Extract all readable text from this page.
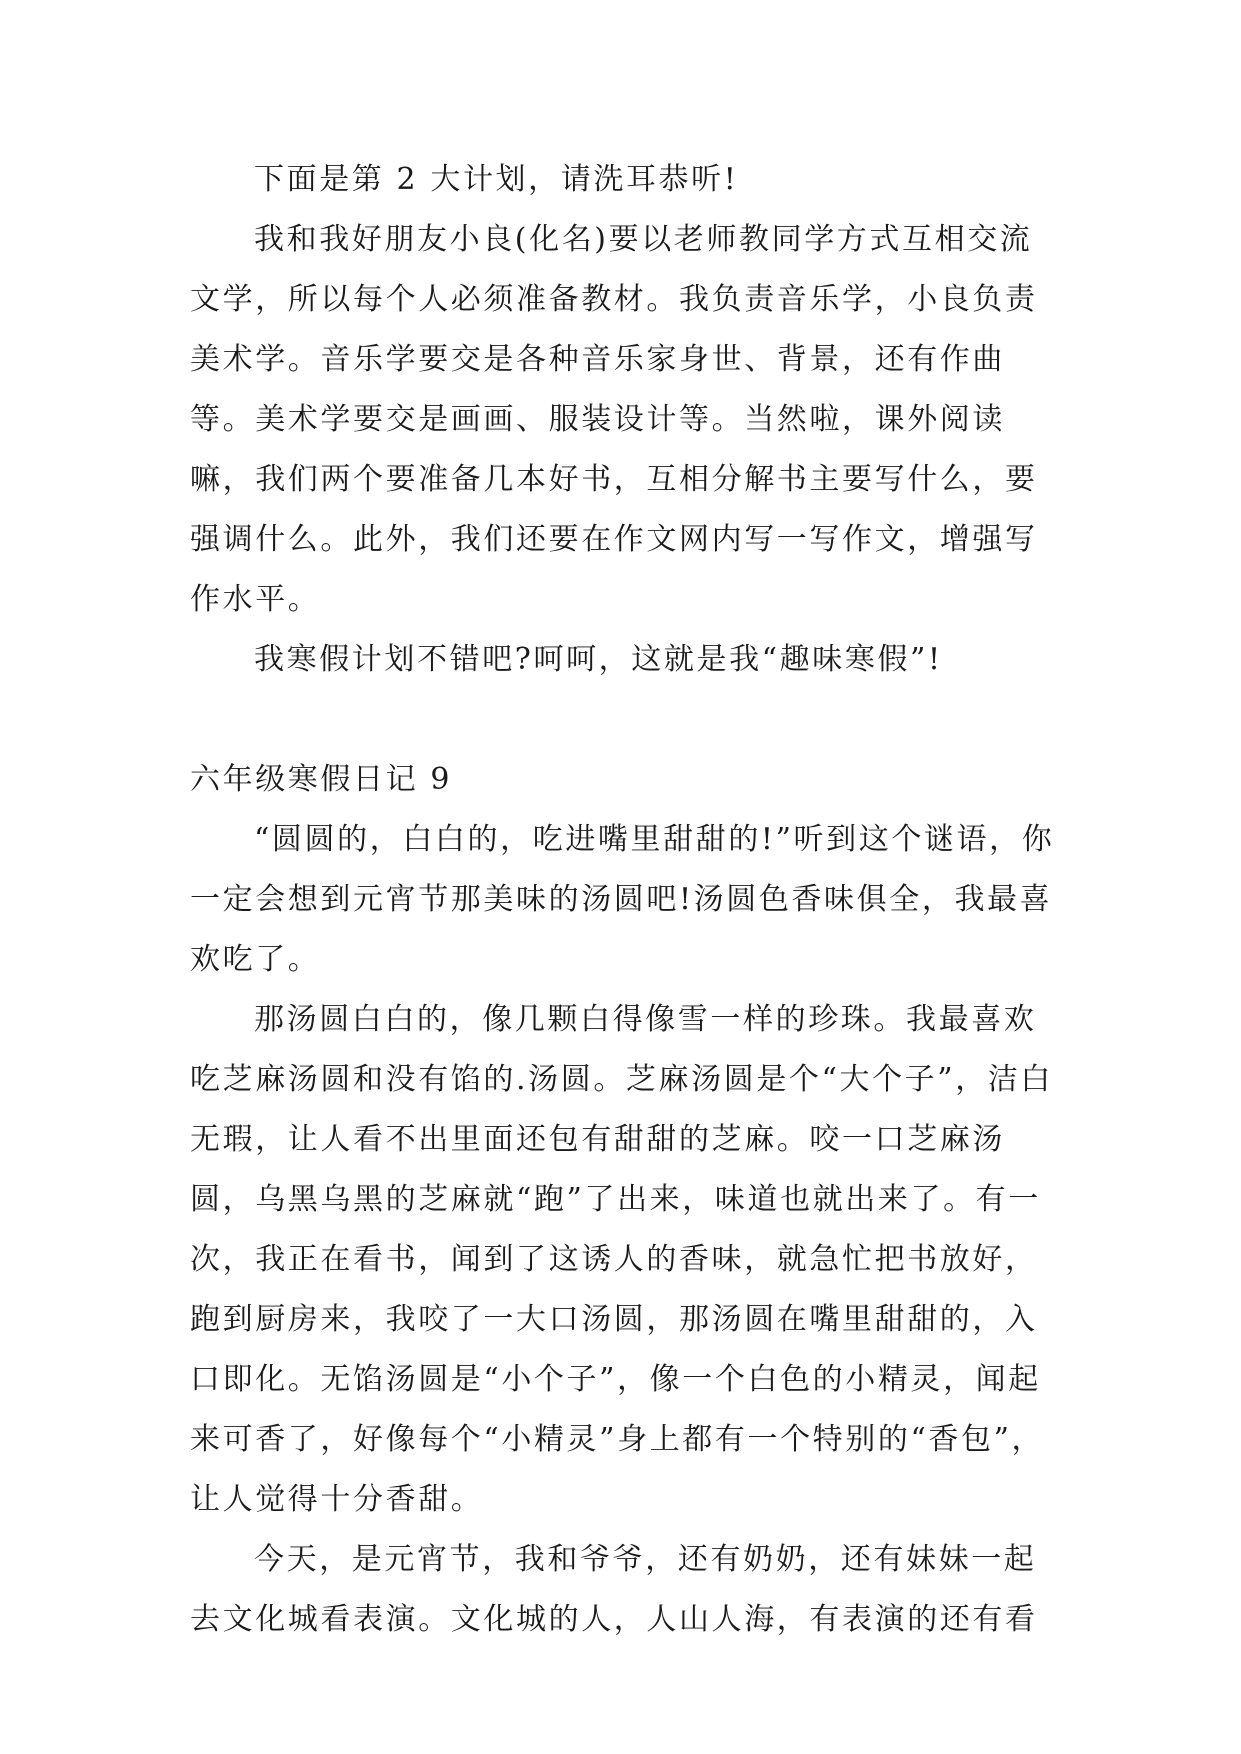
下面是第 2 大计划，请洗耳恭听!

我和我好朋友小良(化名)要以老师教同学方式互相交流文学，所以每个人必须准备教材。我负责音乐学，小良负责美术学。音乐学要交是各种音乐家身世、背景，还有作曲等。美术学要交是画画、服装设计等。当然啦，课外阅读嘛，我们两个要准备几本好书，互相分解书主要写什么，要强调什么。此外，我们还要在作文网内写一写作文，增强写作水平。

我寒假计划不错吧?呵呵，这就是我“趣味寒假”!

六年级寒假日记 9

“圆圆的，白白的，吃进嘴里甜甜的!”听到这个谜语，你一定会想到元宵节那美味的汤圆吧!汤圆色香味俱全，我最喜欢吃了。

那汤圆白白的，像几颗白得像雪一样的珍珠。我最喜欢吃芝麻汤圆和没有馅的.汤圆。芝麻汤圆是个“大个子”，洁白无瑕，让人看不出里面还包有甜甜的芝麻。咬一口芝麻汤圆，乌黑乌黑的芝麻就“跑”了出来，味道也就出来了。有一次，我正在看书，闻到了这诱人的香味，就急忙把书放好，跑到厨房来，我咬了一大口汤圆，那汤圆在嘴里甜甜的，入口即化。无馅汤圆是“小个子”，像一个白色的小精灵，闻起来可香了，好像每个“小精灵”身上都有一个特别的“香包”，让人觉得十分香甜。

今天，是元宵节，我和爷爷，还有奶奶，还有妹妹一起去文化城看表演。文化城的人，人山人海，有表演的还有看
